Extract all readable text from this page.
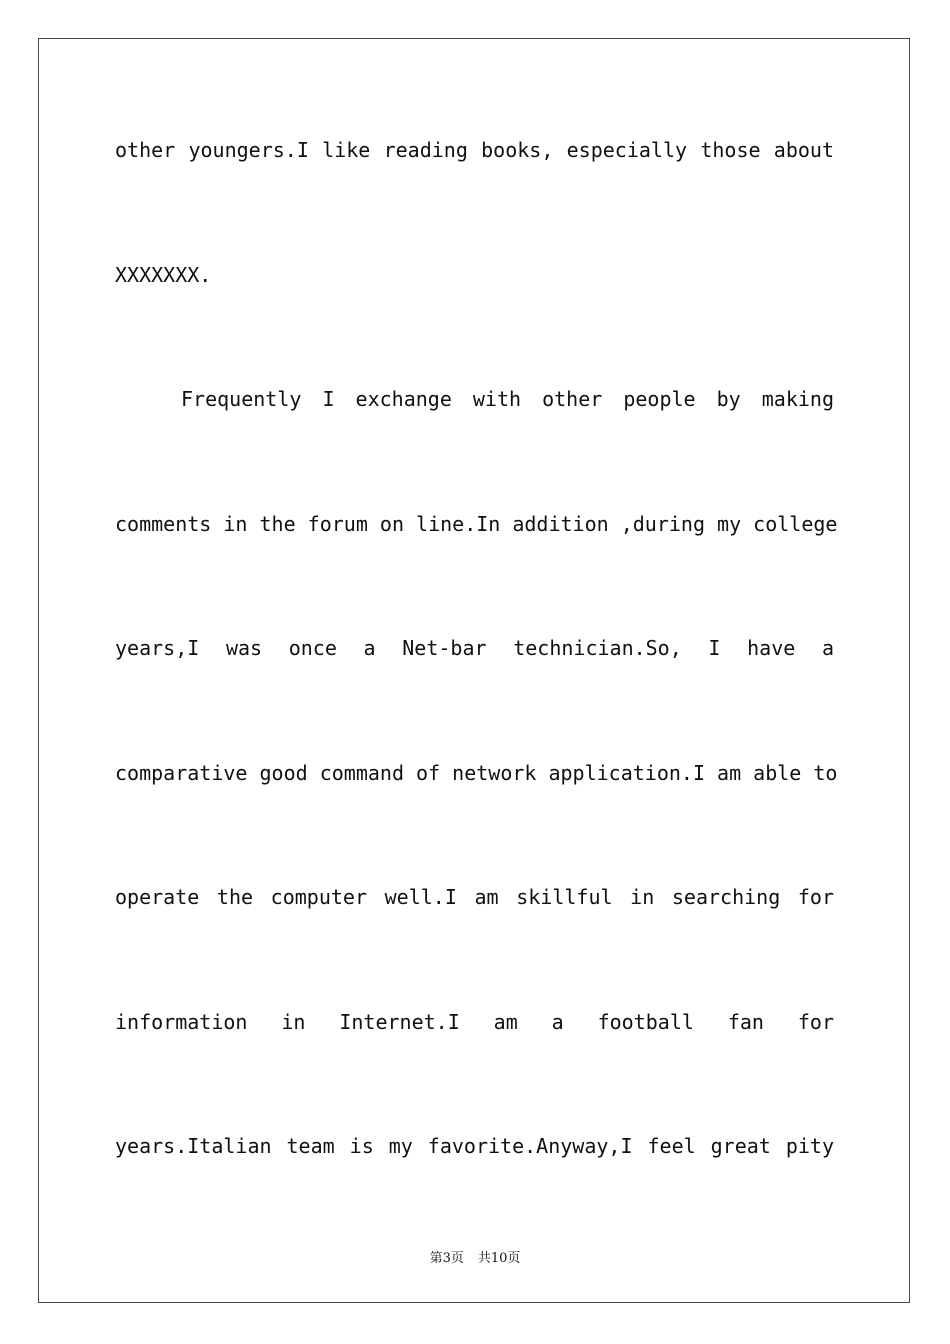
other youngers.I like reading books, especially those about
XXXXXXX.
Frequently I exchange with other people by making
comments in the forum on line.In addition ,during my college
years,I was once a Net-bar technician.So, I have a
comparative good command of network application.I am able to
operate the computer well.I am skillful in searching for
information in Internet.I am a football fan for
years.Italian team is my favorite.Anyway,I feel great pity
第3页 共10页
